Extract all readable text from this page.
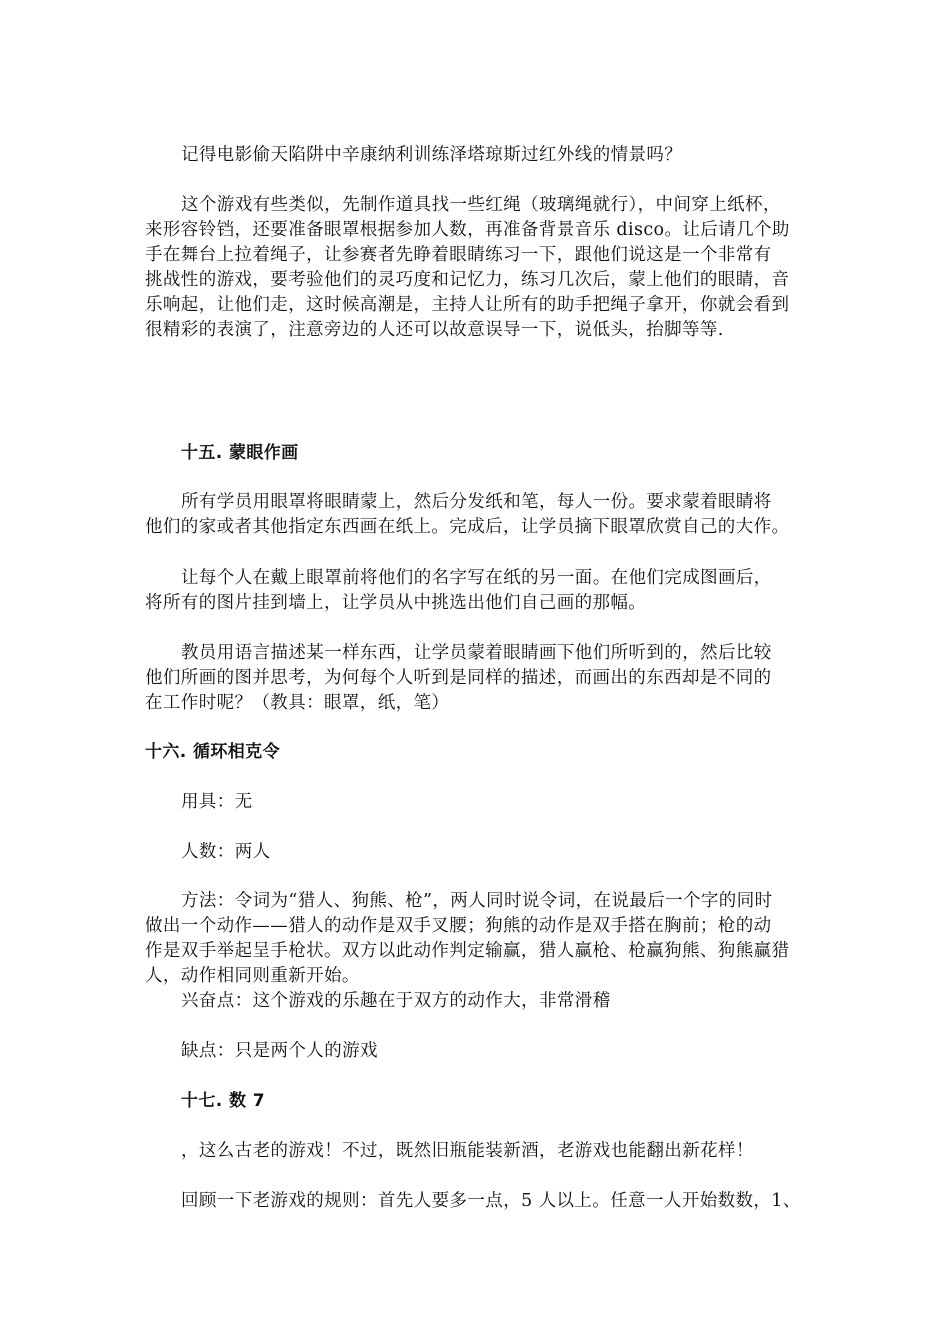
记得电影偷天陷阱中辛康纳利训练泽塔琼斯过红外线的情景吗？
这个游戏有些类似，先制作道具找一些红绳（玻璃绳就行），中间穿上纸杯，
来形容铃铛，还要准备眼罩根据参加人数，再准备背景音乐 disco。让后请几个助
手在舞台上拉着绳子，让参赛者先睁着眼睛练习一下，跟他们说这是一个非常有
挑战性的游戏，要考验他们的灵巧度和记忆力，练习几次后，蒙上他们的眼睛，音
乐响起，让他们走，这时候高潮是，主持人让所有的助手把绳子拿开，你就会看到
很精彩的表演了，注意旁边的人还可以故意误导一下，说低头，抬脚等等.
十五. 蒙眼作画
所有学员用眼罩将眼睛蒙上，然后分发纸和笔，每人一份。要求蒙着眼睛将
他们的家或者其他指定东西画在纸上。完成后，让学员摘下眼罩欣赏自己的大作。
让每个人在戴上眼罩前将他们的名字写在纸的另一面。在他们完成图画后，
将所有的图片挂到墙上，让学员从中挑选出他们自己画的那幅。
教员用语言描述某一样东西，让学员蒙着眼睛画下他们所听到的，然后比较
他们所画的图并思考，为何每个人听到是同样的描述，而画出的东西却是不同的
在工作时呢？（教具：眼罩，纸，笔）
十六. 循环相克令
用具：无
人数：两人
方法：令词为“猎人、狗熊、枪”，两人同时说令词，在说最后一个字的同时
做出一个动作——猎人的动作是双手叉腰；狗熊的动作是双手搭在胸前；枪的动
作是双手举起呈手枪状。双方以此动作判定输赢，猎人赢枪、枪赢狗熊、狗熊赢猎
人，动作相同则重新开始。
兴奋点：这个游戏的乐趣在于双方的动作大，非常滑稽
缺点：只是两个人的游戏
十七. 数 7
，这么古老的游戏！不过，既然旧瓶能装新酒，老游戏也能翻出新花样！
回顾一下老游戏的规则：首先人要多一点，5 人以上。任意一人开始数数，1、
